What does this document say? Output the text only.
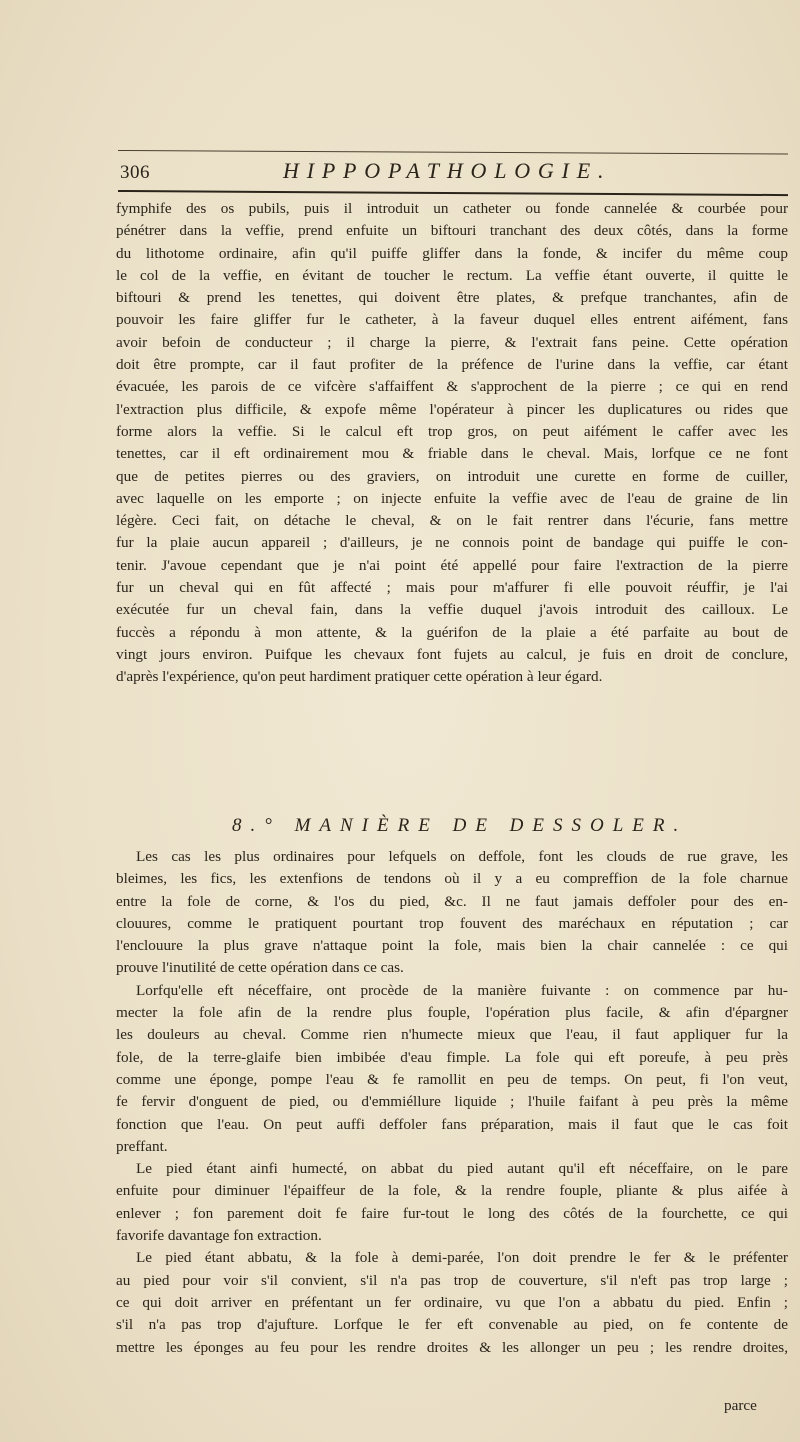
306	HIPPOPATHOLOGIE.
fymphife des os pubils, puis il introduit un catheter ou fonde cannelée & courbée pour
pénétrer dans la veffie, prend enfuite un biftouri tranchant des deux côtés, dans la forme
du lithotome ordinaire, afin qu'il puiffe gliffer dans la fonde, & incifer du même coup
le col de la veffie, en évitant de toucher le rectum. La veffie étant ouverte, il quitte le
biftouri & prend les tenettes, qui doivent être plates, & prefque tranchantes, afin de
pouvoir les faire gliffer fur le catheter, à la faveur duquel elles entrent aifément, fans
avoir befoin de conducteur ; il charge la pierre, & l'extrait fans peine. Cette opération
doit être prompte, car il faut profiter de la préfence de l'urine dans la veffie, car étant
évacuée, les parois de ce vifcère s'affaiffent & s'approchent de la pierre ; ce qui en rend
l'extraction plus difficile, & expofe même l'opérateur à pincer les duplicatures ou rides que
forme alors la veffie. Si le calcul eft trop gros, on peut aifément le caffer avec les
tenettes, car il eft ordinairement mou & friable dans le cheval. Mais, lorfque ce ne font
que de petites pierres ou des graviers, on introduit une curette en forme de cuiller,
avec laquelle on les emporte ; on injecte enfuite la veffie avec de l'eau de graine de lin
légère. Ceci fait, on détache le cheval, & on le fait rentrer dans l'écurie, fans mettre
fur la plaie aucun appareil ; d'ailleurs, je ne connois point de bandage qui puiffe le con-
tenir. J'avoue cependant que je n'ai point été appellé pour faire l'extraction de la pierre
fur un cheval qui en fût affecté ; mais pour m'affurer fi elle pouvoit réuffir, je l'ai
exécutée fur un cheval fain, dans la veffie duquel j'avois introduit des cailloux. Le
fuccès a répondu à mon attente, & la guérifon de la plaie a été parfaite au bout de
vingt jours environ. Puifque les chevaux font fujets au calcul, je fuis en droit de conclure,
d'après l'expérience, qu'on peut hardiment pratiquer cette opération à leur égard.
8.° MANIÈRE DE DESSOLER.

Les cas les plus ordinaires pour lefquels on deffole, font les clouds de rue grave, les
bleimes, les fics, les extenfions de tendons où il y a eu compreffion de la fole charnue
entre la fole de corne, & l'os du pied, &c. Il ne faut jamais deffoler pour des en-
clouures, comme le pratiquent pourtant trop fouvent des maréchaux en réputation ; car
l'enclouure la plus grave n'attaque point la fole, mais bien la chair cannelée : ce qui
prouve l'inutilité de cette opération dans ce cas.

Lorfqu'elle eft néceffaire, ont procède de la manière fuivante : on commence par hu-
mecter la fole afin de la rendre plus fouple, l'opération plus facile, & afin d'épargner
les douleurs au cheval. Comme rien n'humecte mieux que l'eau, il faut appliquer fur la
fole, de la terre-glaife bien imbibée d'eau fimple. La fole qui eft poreufe, à peu près
comme une éponge, pompe l'eau & fe ramollit en peu de temps. On peut, fi l'on veut,
fe fervir d'onguent de pied, ou d'emmiéllure liquide ; l'huile faifant à peu près la même
fonction que l'eau. On peut auffi deffoler fans préparation, mais il faut que le cas foit
preffant.

Le pied étant ainfi humecté, on abbat du pied autant qu'il eft néceffaire, on le pare
enfuite pour diminuer l'épaiffeur de la fole, & la rendre fouple, pliante & plus aifée à
enlever ; fon parement doit fe faire fur-tout le long des côtés de la fourchette, ce qui
favorife davantage fon extraction.

Le pied étant abbatu, & la fole à demi-parée, l'on doit prendre le fer & le préfenter
au pied pour voir s'il convient, s'il n'a pas trop de couverture, s'il n'eft pas trop large ;
ce qui doit arriver en préfentant un fer ordinaire, vu que l'on a abbatu du pied. Enfin ;
s'il n'a pas trop d'ajufture. Lorfque le fer eft convenable au pied, on fe contente de
mettre les éponges au feu pour les rendre droites & les allonger un peu ; les rendre droites,

parce
